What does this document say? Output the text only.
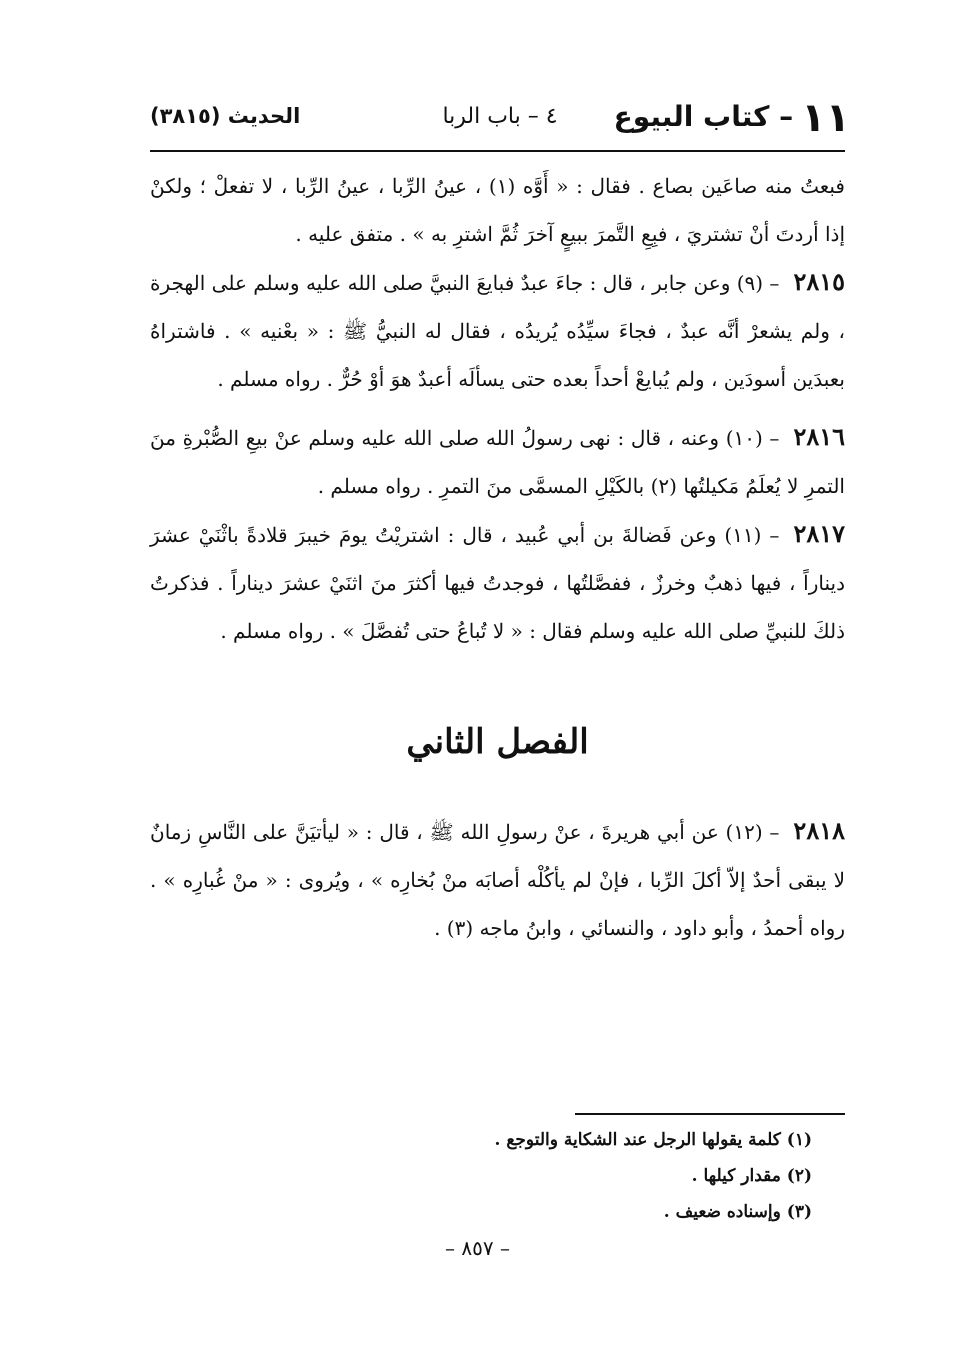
١١– كتاب البيوع
٤ – باب الربا
الحديث (٣٨١٥)

فبعتُ منه صاعَين بصاع . فقال : « أَوَّه (١) ، عينُ الرِّبا ، عينُ الرِّبا ، لا تفعلْ ؛ ولكنْ إذا أردتَ أنْ تشتريَ ، فبِعِ التَّمرَ ببيعٍ آخرَ ثُمَّ اشترِ به » . متفق عليه .

٢٨١٥– (٩) وعن جابر ، قال : جاءَ عبدٌ فبايعَ النبيَّ صلى الله عليه وسلم على الهجرة ، ولم يشعرْ أنَّه عبدٌ ، فجاءَ سيِّدُه يُريدُه ، فقال له النبيُّ ﷺ : « بعْنيه » . فاشتراهُ بعبدَين أسودَين ، ولم يُبايعْ أحداً بعده حتى يسألَه أعبدٌ هوَ أوْ حُرٌّ . رواه مسلم .

٢٨١٦– (١٠) وعنه ، قال : نهى رسولُ الله صلى الله عليه وسلم عنْ بيعِ الصُّبْرةِ منَ التمرِ لا يُعلَمُ مَكيلتُها (٢) بالكَيْلِ المسمَّى منَ التمرِ . رواه مسلم .

٢٨١٧– (١١) وعن فَضالةَ بن أبي عُبيد ، قال : اشتريْتُ يومَ خيبرَ قلادةً باثْنَيْ عشرَ ديناراً ، فيها ذهبٌ وخرزٌ ، ففصَّلتُها ، فوجدتُ فيها أكثرَ منَ اثنَيْ عشرَ ديناراً . فذكرتُ ذلكَ للنبيِّ صلى الله عليه وسلم فقال : « لا تُباعُ حتى تُفصَّلَ » . رواه مسلم .

الفصل الثاني

٢٨١٨– (١٢) عن أبي هريرةَ ، عنْ رسولِ الله ﷺ ، قال : « ليأتيَنَّ على النَّاسِ زمانٌ لا يبقى أحدٌ إلاّ أكلَ الرِّبا ، فإنْ لم يأكُلْه أصابَه منْ بُخارِه » ، ويُروى : « منْ غُبارِه » . رواه أحمدُ ، وأبو داود ، والنسائي ، وابنُ ماجه (٣) .

(١) كلمة يقولها الرجل عند الشكاية والتوجع .

(٢) مقدار كيلها .

(٣) وإسناده ضعيف .

– ٨٥٧ –
